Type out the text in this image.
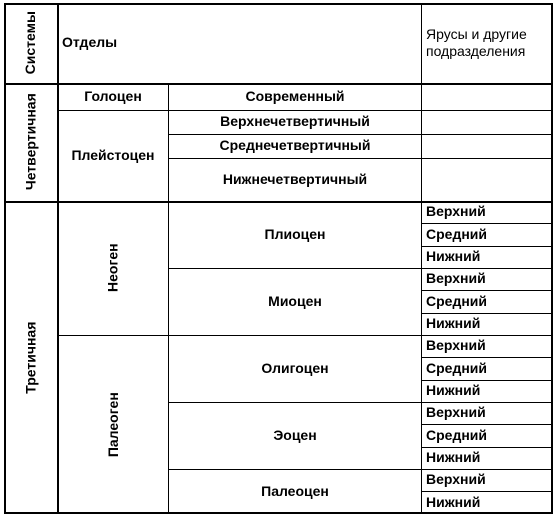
Системы Отделы
Ярусы и другие подразделения
Четвертичная	Голоцен	Современный
Плейстоцен
Верхнечетвертичный
Среднечетвертичный
Нижнечетвертичный
Третичная
Неоген
Плиоцен
Верхний
Средний
Нижний
Миоцен
Верхний
Средний
Нижний
Палеоген
Олигоцен
Верхний
Средний
Нижний
Эоцен
Верхний
Средний
Нижний
Палеоцен
Верхний
Нижний
